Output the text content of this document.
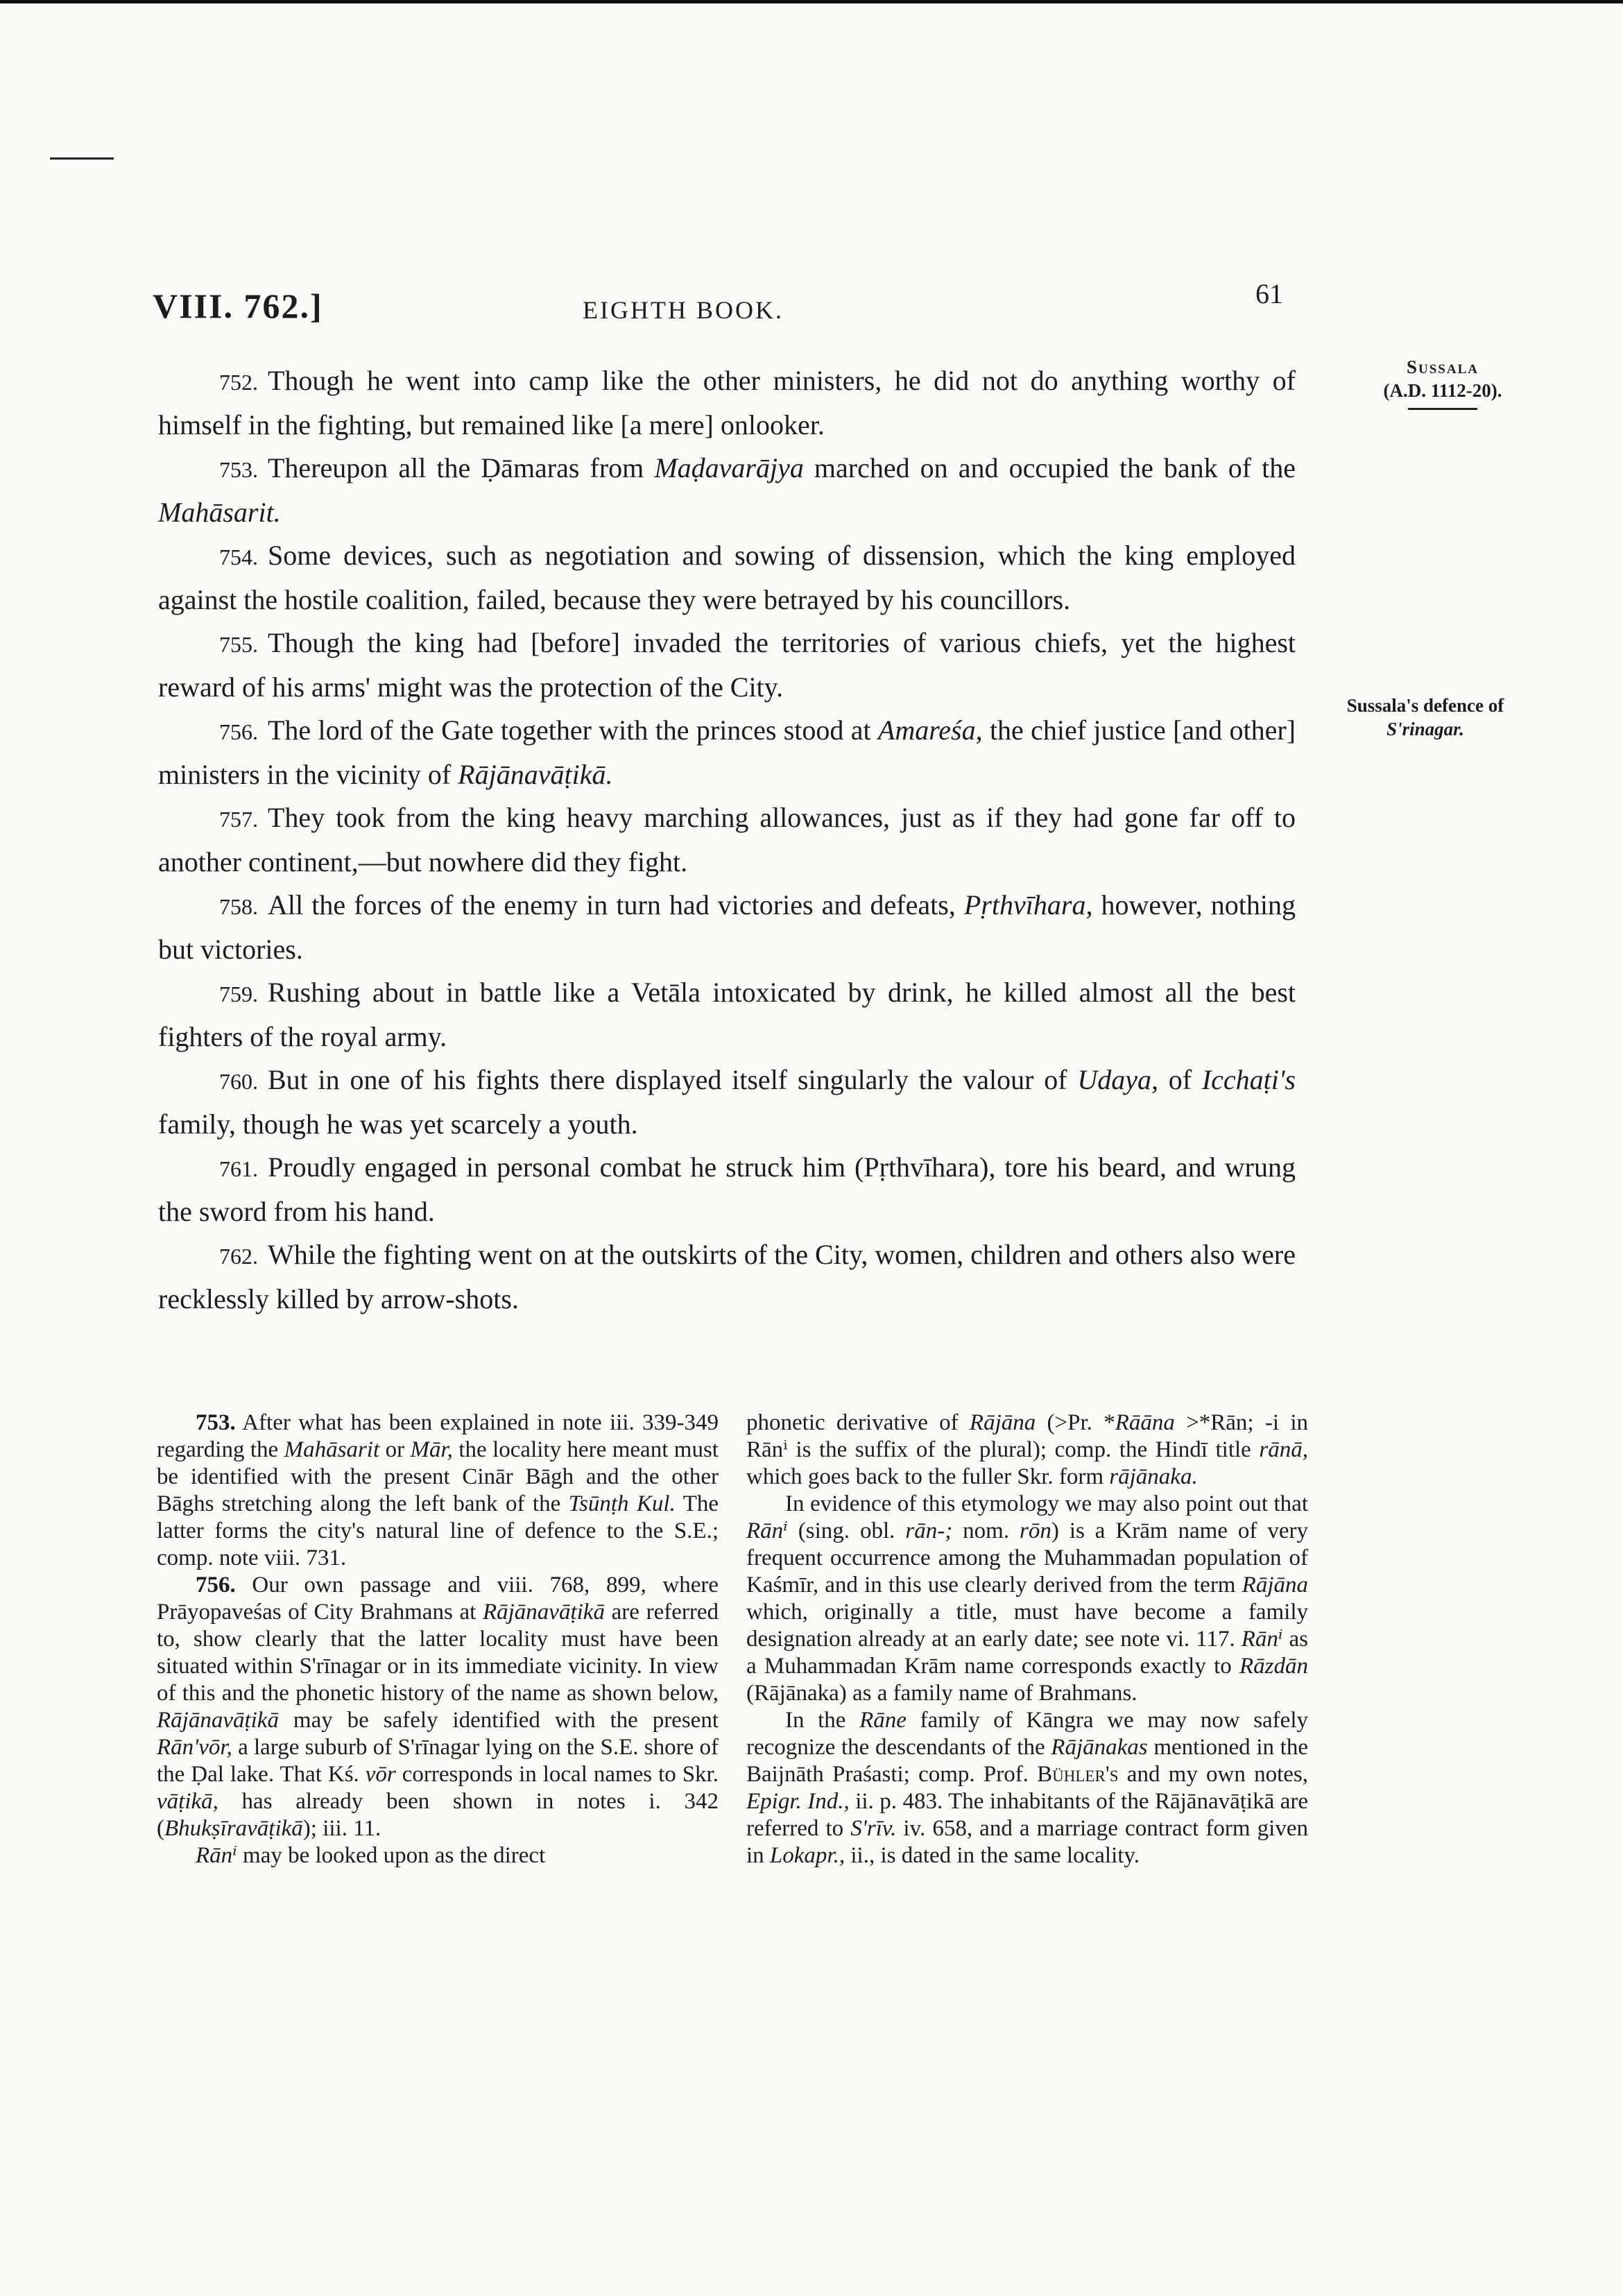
VIII. 762.]	EIGHTH BOOK.
61
Sussala
(A.D. 1112-20).
Sussala's defence of
S'rinagar.

752. Though he went into camp like the other ministers, he did not do anything worthy of himself in the fighting, but remained like [a mere] onlooker.

753. Thereupon all the Ḍāmaras from Maḍavarājya marched on and occupied the bank of the Mahāsarit.

754. Some devices, such as negotiation and sowing of dissension, which the king employed against the hostile coalition, failed, because they were betrayed by his councillors.

755. Though the king had [before] invaded the territories of various chiefs, yet the highest reward of his arms' might was the protection of the City.

756. The lord of the Gate together with the princes stood at Amareśa, the chief justice [and other] ministers in the vicinity of Rājānavāṭikā.

757. They took from the king heavy marching allowances, just as if they had gone far off to another continent,—but nowhere did they fight.

758. All the forces of the enemy in turn had victories and defeats, Pṛthvīhara, however, nothing but victories.

759. Rushing about in battle like a Vetāla intoxicated by drink, he killed almost all the best fighters of the royal army.

760. But in one of his fights there displayed itself singularly the valour of Udaya, of Icchaṭi's family, though he was yet scarcely a youth.

761. Proudly engaged in personal combat he struck him (Pṛthvīhara), tore his beard, and wrung the sword from his hand.

762. While the fighting went on at the outskirts of the City, women, children and others also were recklessly killed by arrow-shots.

753. After what has been explained in note iii. 339-349 regarding the Mahāsarit or Mār, the locality here meant must be identified with the present Cinār Bāgh and the other Bāghs stretching along the left bank of the Tsūnṭh Kul. The latter forms the city's natural line of defence to the S.E.; comp. note viii. 731.

756. Our own passage and viii. 768, 899, where Prāyopaveśas of City Brahmans at Rājānavāṭikā are referred to, show clearly that the latter locality must have been situated within S'rīnagar or in its immediate vicinity. In view of this and the phonetic history of the name as shown below, Rājānavāṭikā may be safely identified with the present Rān'vōr, a large suburb of S'rīnagar lying on the S.E. shore of the Ḍal lake. That Kś. vōr corresponds in local names to Skr. vāṭikā, has already been shown in notes i. 342 (Bhukṣīravāṭikā); iii. 11.

Rānⁱ may be looked upon as the direct

phonetic derivative of Rājāna (>Pr. *Rāāna >*Rān; -i in Rānⁱ is the suffix of the plural); comp. the Hindī title rānā, which goes back to the fuller Skr. form rājānaka.

In evidence of this etymology we may also point out that Rānⁱ (sing. obl. rān-; nom. rōn) is a Krām name of very frequent occurrence among the Muhammadan population of Kaśmīr, and in this use clearly derived from the term Rājāna which, originally a title, must have become a family designation already at an early date; see note vi. 117. Rānⁱ as a Muhammadan Krām name corresponds exactly to Rāzdān (Rājānaka) as a family name of Brahmans.

In the Rāne family of Kāngra we may now safely recognize the descendants of the Rājānakas mentioned in the Baijnāth Praśasti; comp. Prof. Bühler's and my own notes, Epigr. Ind., ii. p. 483. The inhabitants of the Rājānavāṭikā are referred to S'rīv. iv. 658, and a marriage contract form given in Lokapr., ii., is dated in the same locality.
